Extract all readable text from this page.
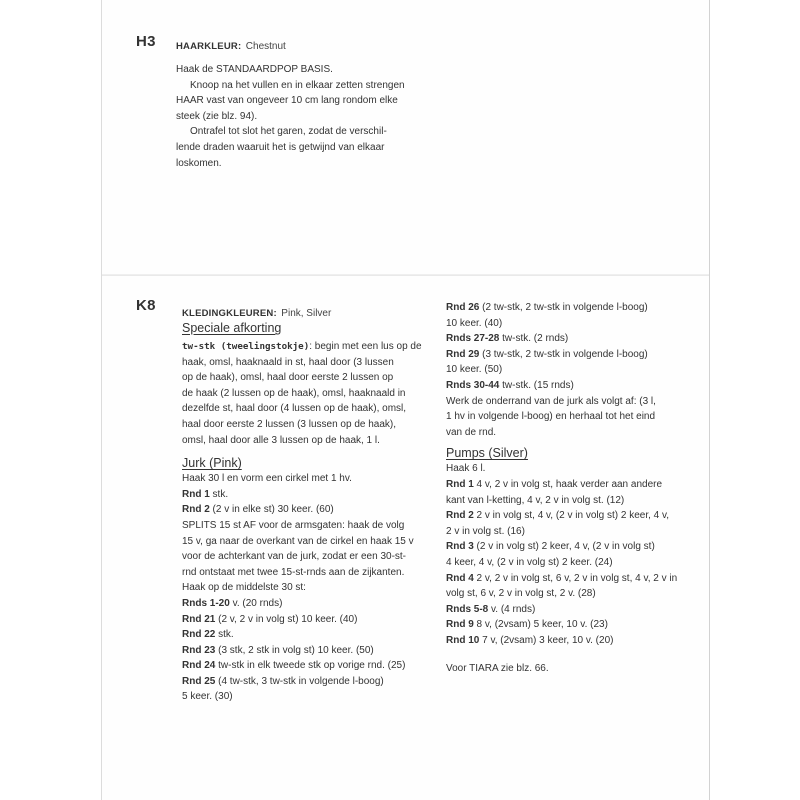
H3 HAARKLEUR: Chestnut
Haak de STANDAARDPOP BASIS.
Knoop na het vullen en in elkaar zetten strengen
HAAR vast van ongeveer 10 cm lang rondom elke
steek (zie blz. 94).
Ontrafel tot slot het garen, zodat de verschil-
lende draden waaruit het is getwijnd van elkaar
loskomen.
K8	KLEDINGKLEUREN: Pink, Silver
Speciale afkorting
tw-stk (tweelingstokje): begin met een lus op de
haak, omsl, haaknaald in st, haal door (3 lussen
op de haak), omsl, haal door eerste 2 lussen op
de haak (2 lussen op de haak), omsl, haaknaald in
dezelfde st, haal door (4 lussen op de haak), omsl,
haal door eerste 2 lussen (3 lussen op de haak),
omsl, haal door alle 3 lussen op de haak, 1 l.
Jurk (Pink)
Haak 30 l en vorm een cirkel met 1 hv.
Rnd 1 stk.
Rnd 2 (2 v in elke st) 30 keer. (60)
SPLITS 15 st AF voor de armsgaten: haak de volg
15 v, ga naar de overkant van de cirkel en haak 15 v
voor de achterkant van de jurk, zodat er een 30-st-
rnd ontstaat met twee 15-st-rnds aan de zijkanten.
Haak op de middelste 30 st:
Rnds 1-20 v. (20 rnds)
Rnd 21 (2 v, 2 v in volg st) 10 keer. (40)
Rnd 22 stk.
Rnd 23 (3 stk, 2 stk in volg st) 10 keer. (50)
Rnd 24 tw-stk in elk tweede stk op vorige rnd. (25)
Rnd 25 (4 tw-stk, 3 tw-stk in volgende l-boog)
5 keer. (30)
Rnd 26 (2 tw-stk, 2 tw-stk in volgende l-boog)
10 keer. (40)
Rnds 27-28 tw-stk. (2 rnds)
Rnd 29 (3 tw-stk, 2 tw-stk in volgende l-boog)
10 keer. (50)
Rnds 30-44 tw-stk. (15 rnds)
Werk de onderrand van de jurk als volgt af: (3 l,
1 hv in volgende l-boog) en herhaal tot het eind
van de rnd.
Pumps (Silver)
Haak 6 l.
Rnd 1 4 v, 2 v in volg st, haak verder aan andere
kant van l-ketting, 4 v, 2 v in volg st. (12)
Rnd 2 2 v in volg st, 4 v, (2 v in volg st) 2 keer, 4 v,
2 v in volg st. (16)
Rnd 3 (2 v in volg st) 2 keer, 4 v, (2 v in volg st)
4 keer, 4 v, (2 v in volg st) 2 keer. (24)
Rnd 4 2 v, 2 v in volg st, 6 v, 2 v in volg st, 4 v, 2 v in
volg st, 6 v, 2 v in volg st, 2 v. (28)
Rnds 5-8 v. (4 rnds)
Rnd 9 8 v, (2vsam) 5 keer, 10 v. (23)
Rnd 10 7 v, (2vsam) 3 keer, 10 v. (20)
Voor TIARA zie blz. 66.
